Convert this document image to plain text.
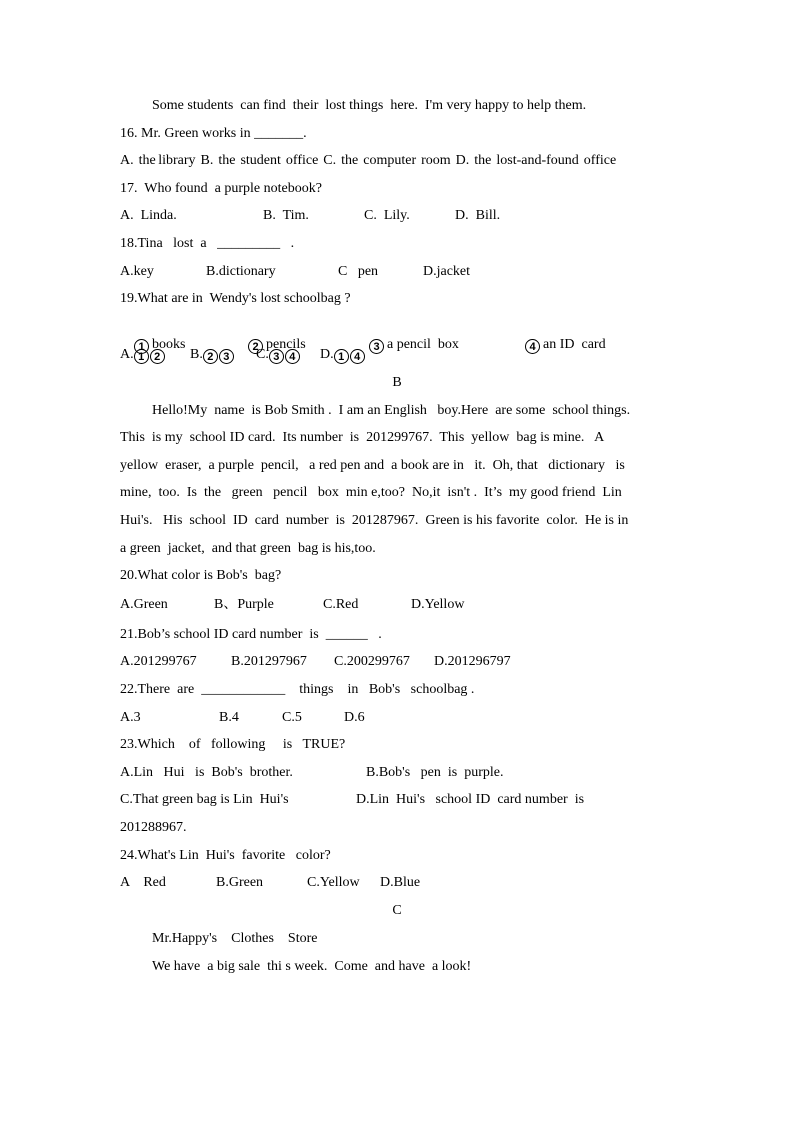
Some students  can find  their  lost things  here.  I'm very happy to help them.
16. Mr. Green works in _______.
A.  the library  B.  the  student  office  C.  the  computer  room  D.  the  lost-and-found  office
17.  Who found  a purple notebook?
A.  Linda.	B.  Tim.	C.  Lily.	D.  Bill.
18.Tina   lost  a   _________   .
A.key	B.dictionary	C   pen	D.jacket
19.What are in  Wendy's lost schoolbag ?

1 books
	2 pencils
	3 a pencil  box
	4 an ID  card

A. 1 2	B. 2 3	C. 3 4	D. 1 4
B
Hello!My  name  is Bob Smith .  I am an English   boy.Here  are some  school things.
This  is my  school ID card.  Its number  is  201299767.  This  yellow  bag is mine.   A
yellow  eraser,  a purple  pencil,   a red pen and  a book are in   it.  Oh, that   dictionary   is
mine,  too.  Is  the   green   pencil   box  min e,too?  No,it  isn't .  It’s  my good friend  Lin
Hui's.   His  school  ID  card  number  is  201287967.  Green is his favorite  color.  He is in
a green  jacket,  and that green  bag is his,too.
20.What color is Bob's  bag?
A.Green	B、Purple	C.Red	D.Yellow
21.Bob’s school ID card number  is  ______   .
A.201299767 B.201297967 C.200299767 D.201296797
22.There  are  ____________    things    in   Bob's   schoolbag .
A.3	B.4	C.5	D.6
23.Which    of   following     is   TRUE?
A.Lin   Hui   is  Bob's  brother.	B.Bob's   pen  is  purple.
C.That green bag is Lin  Hui's	D.Lin  Hui's   school ID  card number  is
201288967.
24.What's Lin  Hui's  favorite   color?
A    Red	B.Green	C.Yellow D.Blue
C
Mr.Happy's    Clothes    Store
We have  a big sale  thi s week.  Come  and have  a look!
